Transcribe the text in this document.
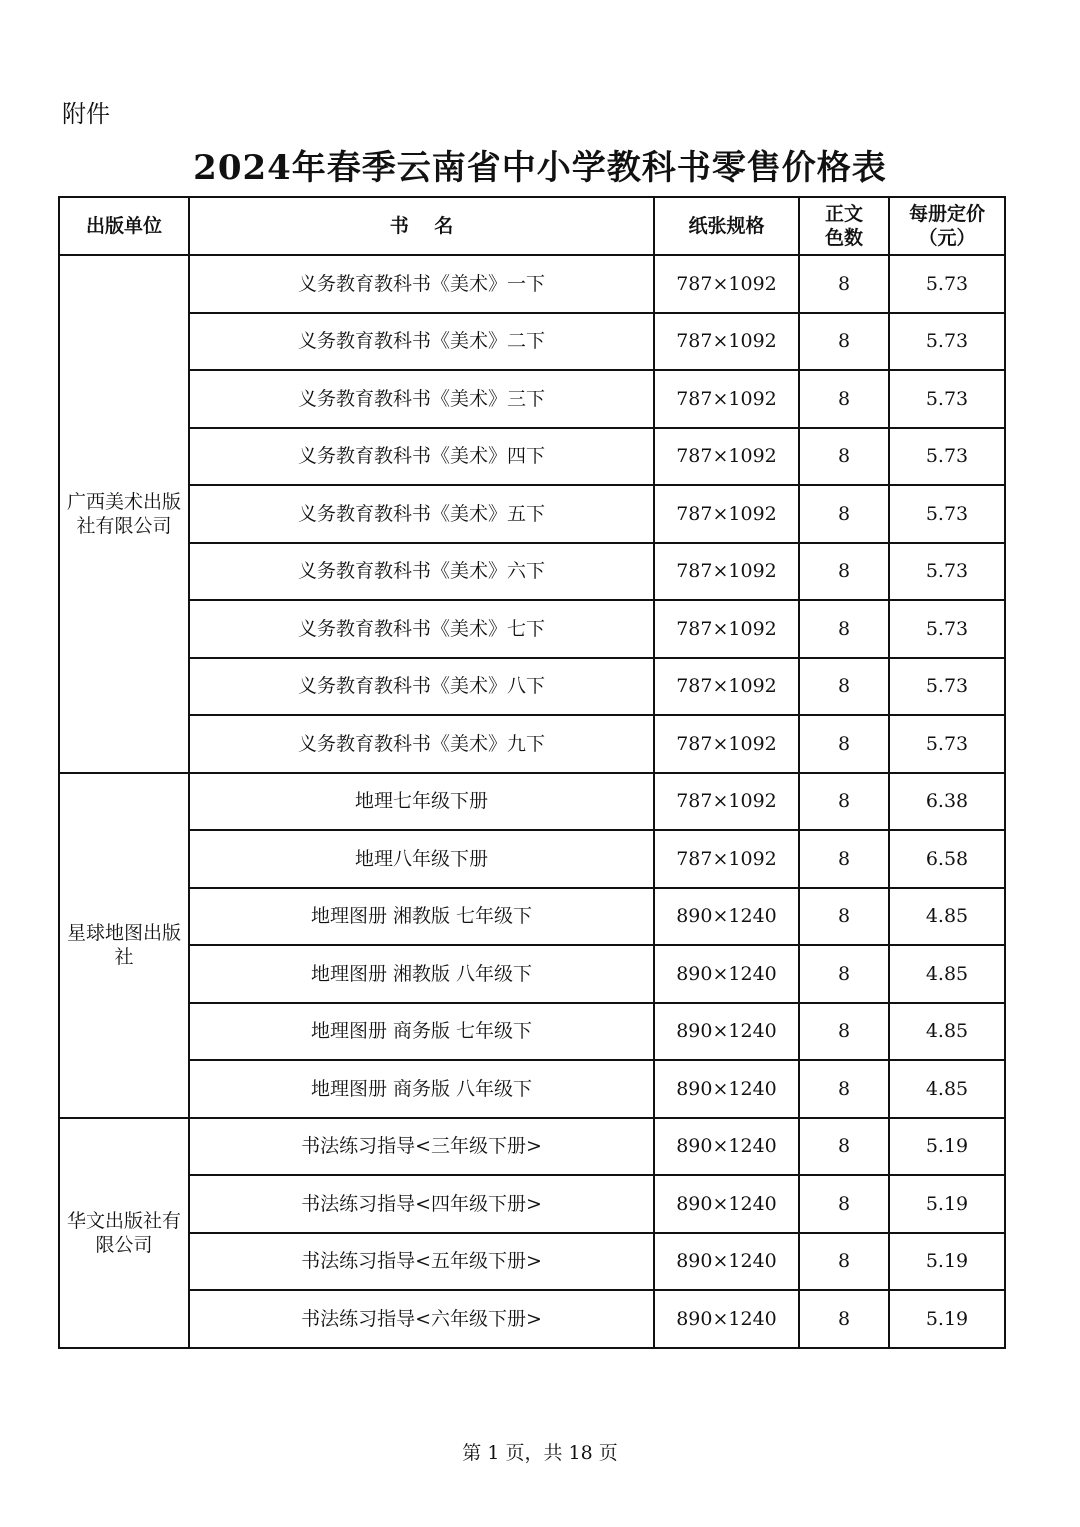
附件
2024年春季云南省中小学教科书零售价格表
出版单位	书　 名	纸张规格	正文色数	每册定价（元）
广西美术出版社有限公司	义务教育教科书《美术》一下	787×1092	8	5.73
	义务教育教科书《美术》二下	787×1092	8	5.73
	义务教育教科书《美术》三下	787×1092	8	5.73
	义务教育教科书《美术》四下	787×1092	8	5.73
	义务教育教科书《美术》五下	787×1092	8	5.73
	义务教育教科书《美术》六下	787×1092	8	5.73
	义务教育教科书《美术》七下	787×1092	8	5.73
	义务教育教科书《美术》八下	787×1092	8	5.73
	义务教育教科书《美术》九下	787×1092	8	5.73
星球地图出版社	地理七年级下册	787×1092	8	6.38
	地理八年级下册	787×1092	8	6.58
	地理图册 湘教版 七年级下	890×1240	8	4.85
	地理图册 湘教版 八年级下	890×1240	8	4.85
	地理图册 商务版 七年级下	890×1240	8	4.85
	地理图册 商务版 八年级下	890×1240	8	4.85
华文出版社有限公司	书法练习指导<三年级下册>	890×1240	8	5.19
	书法练习指导<四年级下册>	890×1240	8	5.19
	书法练习指导<五年级下册>	890×1240	8	5.19
	书法练习指导<六年级下册>	890×1240	8	5.19
第 1 页，共 18 页
